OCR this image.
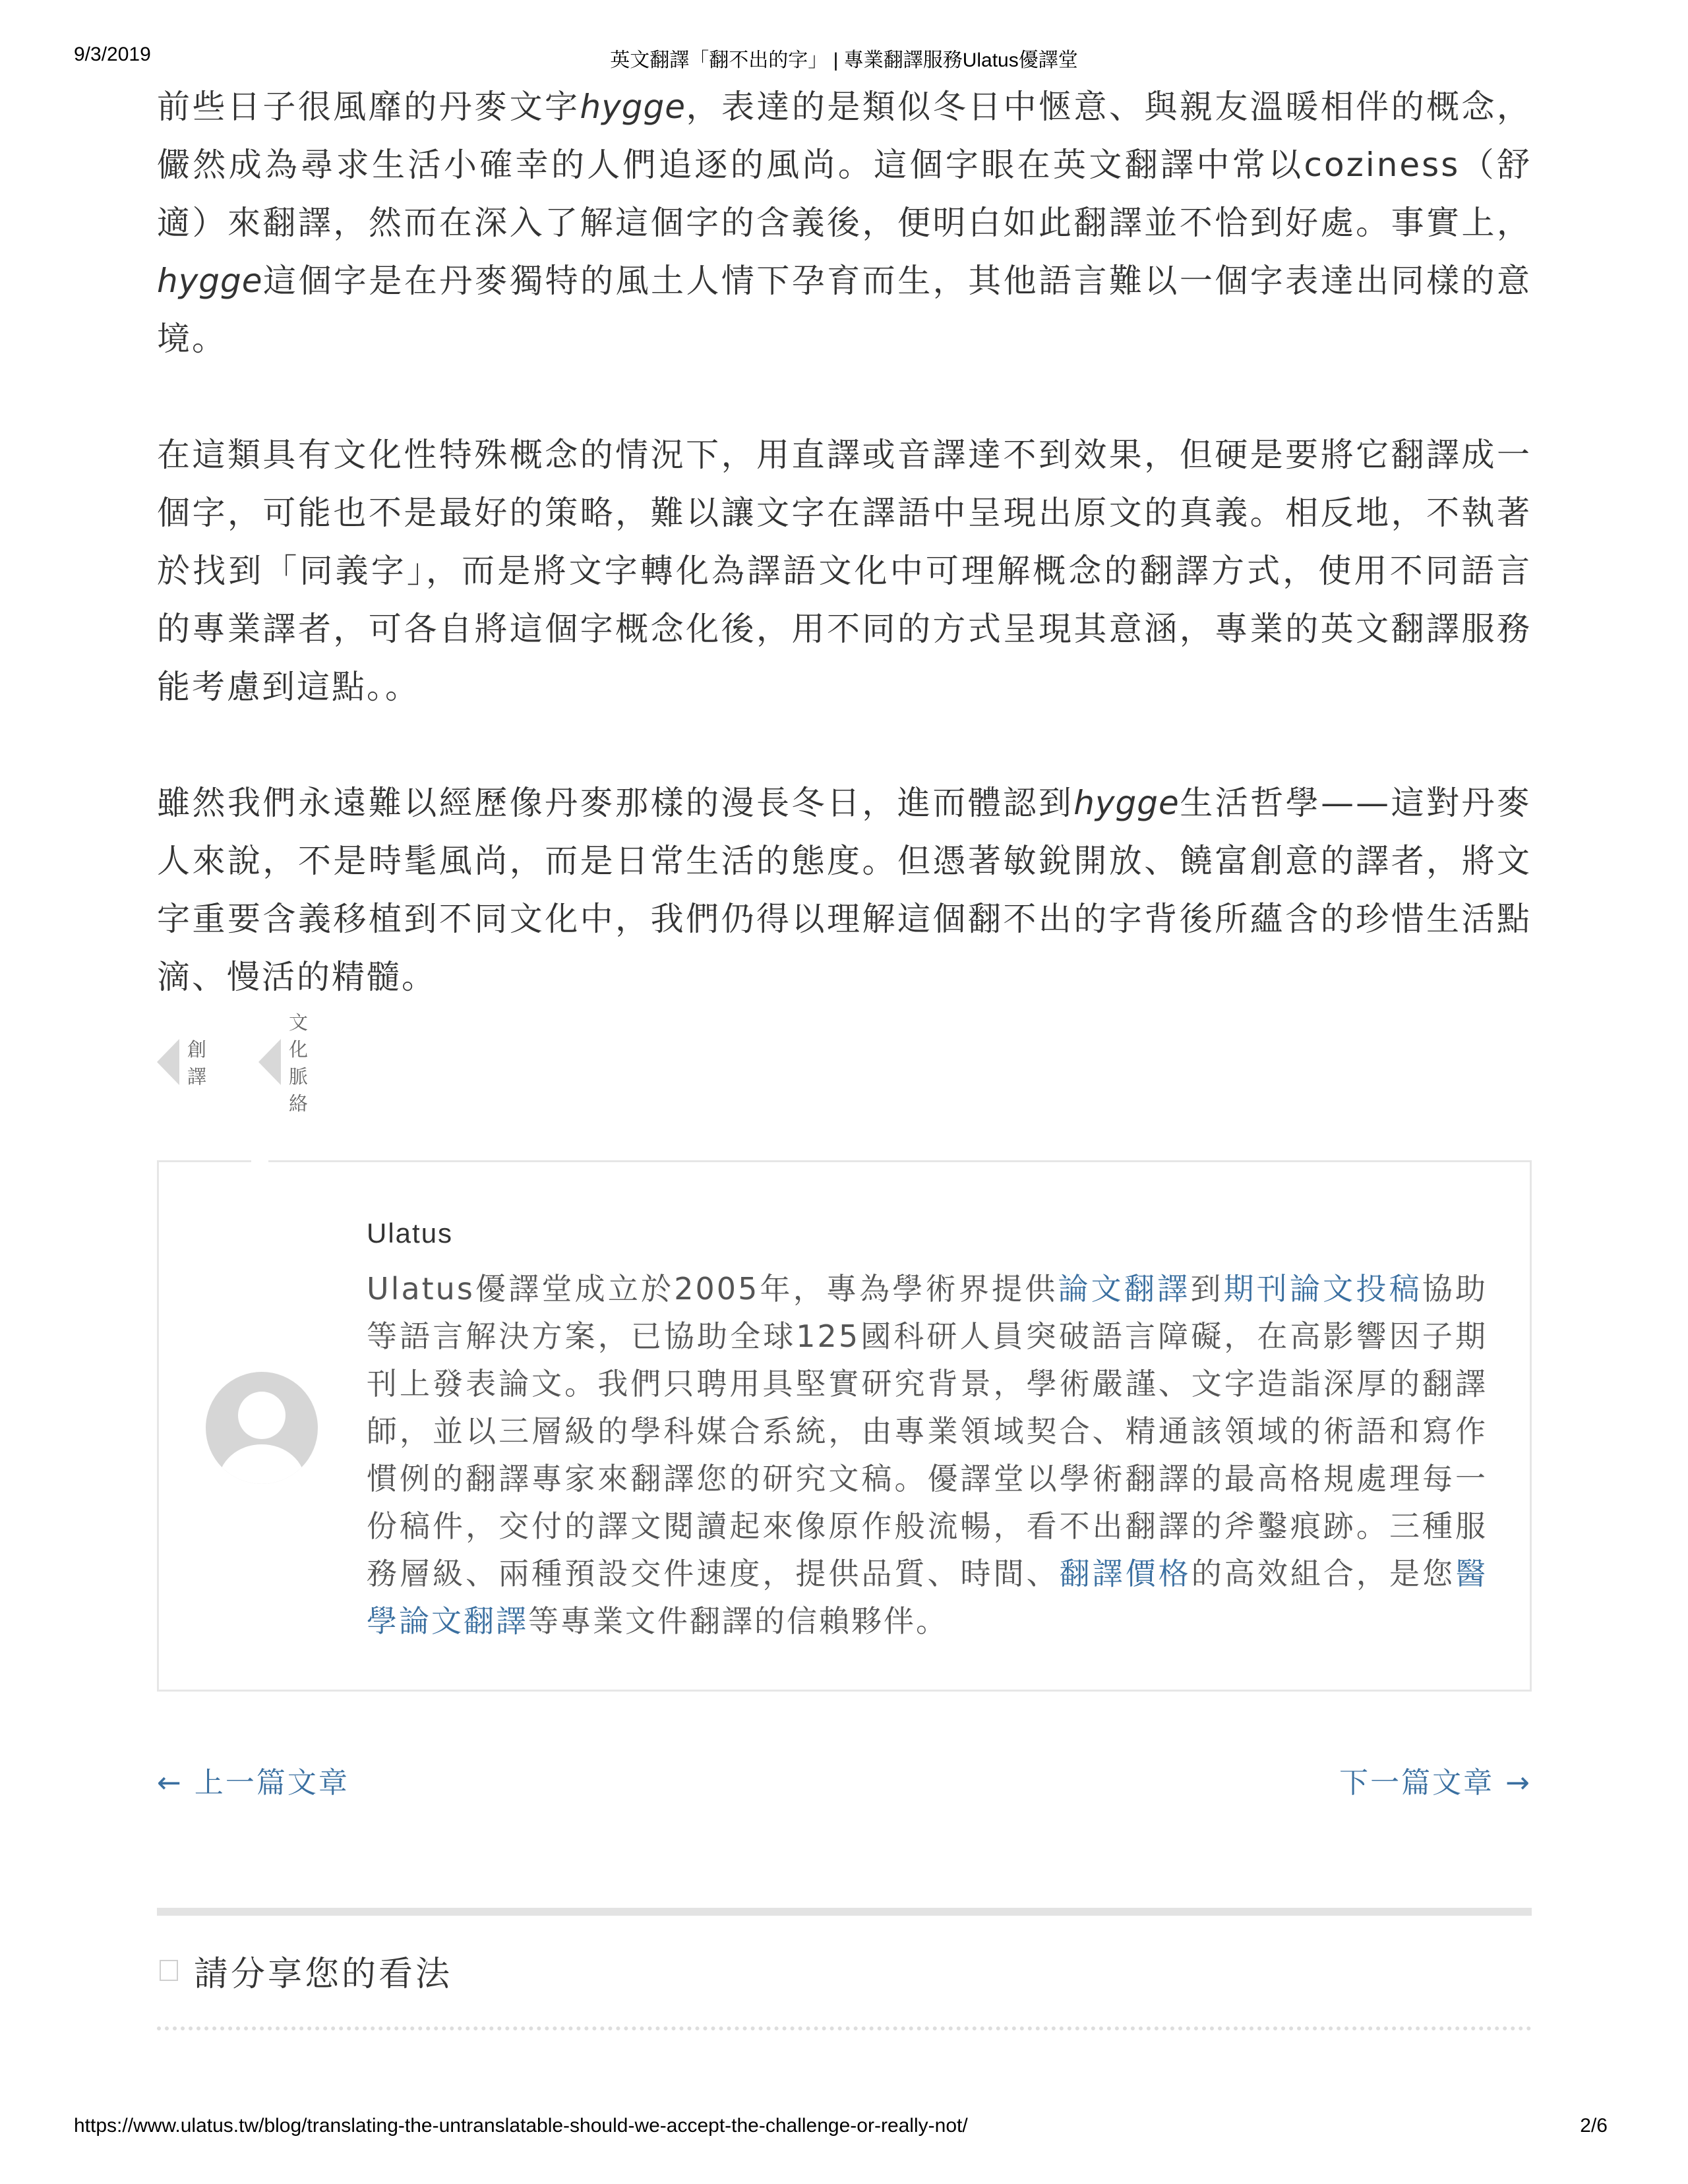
9/3/2019	英文翻譯「翻不出的字」 | 專業翻譯服務Ulatus優譯堂

前些日子很風靡的丹麥文字hygge，表達的是類似冬日中愜意、與親友溫暖相伴的概念，儼然成為尋求生活小確幸的人們追逐的風尚。這個字眼在英文翻譯中常以coziness（舒適）來翻譯，然而在深入了解這個字的含義後，便明白如此翻譯並不恰到好處。事實上，hygge這個字是在丹麥獨特的風土人情下孕育而生，其他語言難以一個字表達出同樣的意境。

在這類具有文化性特殊概念的情況下，用直譯或音譯達不到效果，但硬是要將它翻譯成一個字，可能也不是最好的策略，難以讓文字在譯語中呈現出原文的真義。相反地，不執著於找到「同義字」，而是將文字轉化為譯語文化中可理解概念的翻譯方式，使用不同語言的專業譯者，可各自將這個字概念化後，用不同的方式呈現其意涵，專業的英文翻譯服務能考慮到這點。。

雖然我們永遠難以經歷像丹麥那樣的漫長冬日，進而體認到hygge生活哲學——這對丹麥人來說，不是時髦風尚，而是日常生活的態度。但憑著敏銳開放、饒富創意的譯者，將文字重要含義移植到不同文化中，我們仍得以理解這個翻不出的字背後所蘊含的珍惜生活點滴、慢活的精髓。

創譯
文化脈絡
Ulatus

Ulatus優譯堂成立於2005年，專為學術界提供論文翻譯到期刊論文投稿協助等語言解決方案，已協助全球125國科研人員突破語言障礙，在高影響因子期刊上發表論文。我們只聘用具堅實研究背景，學術嚴謹、文字造詣深厚的翻譯師，並以三層級的學科媒合系統，由專業領域契合、精通該領域的術語和寫作慣例的翻譯專家來翻譯您的研究文稿。優譯堂以學術翻譯的最高格規處理每一份稿件，交付的譯文閱讀起來像原作般流暢，看不出翻譯的斧鑿痕跡。三種服務層級、兩種預設交件速度，提供品質、時間、翻譯價格的高效組合，是您醫學論文翻譯等專業文件翻譯的信賴夥伴。

← 上一篇文章	下一篇文章 →
請分享您的看法
https://www.ulatus.tw/blog/translating-the-untranslatable-should-we-accept-the-challenge-or-really-not/	2/6
